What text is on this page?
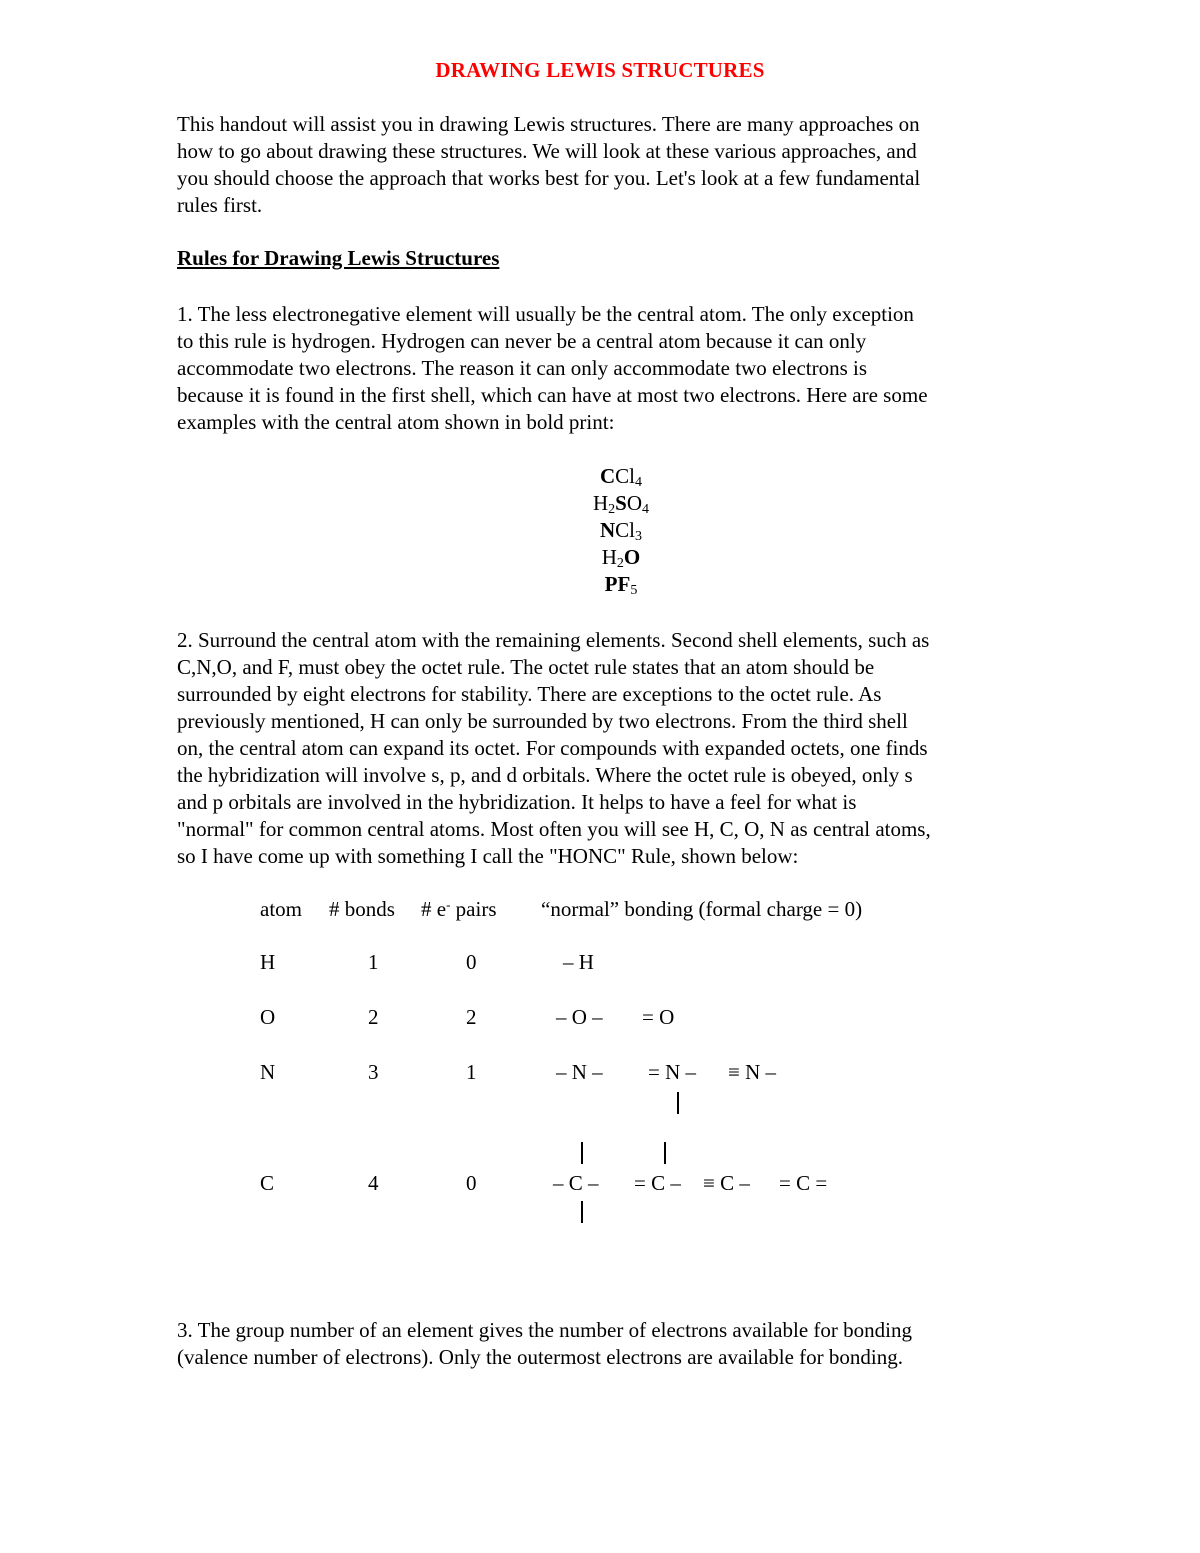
DRAWING LEWIS STRUCTURES
This handout will assist you in drawing Lewis structures. There are many approaches on
how to go about drawing these structures. We will look at these various approaches, and
you should choose the approach that works best for you. Let's look at a few fundamental
rules first.
Rules for Drawing Lewis Structures
1. The less electronegative element will usually be the central atom. The only exception
to this rule is hydrogen. Hydrogen can never be a central atom because it can only
accommodate two electrons. The reason it can only accommodate two electrons is
because it is found in the first shell, which can have at most two electrons. Here are some
examples with the central atom shown in bold print:
CCl$_4$
$H_2SO_4$
NCl$_3$
$H_2O$
$PF_5$
2. Surround the central atom with the remaining elements. Second shell elements, such as
C,N,O, and F, must obey the octet rule. The octet rule states that an atom should be
surrounded by eight electrons for stability. There are exceptions to the octet rule. As
previously mentioned, H can only be surrounded by two electrons. From the third shell
on, the central atom can expand its octet. For compounds with expanded octets, one finds
the hybridization will involve s, p, and d orbitals. Where the octet rule is obeyed, only s
and p orbitals are involved in the hybridization. It helps to have a feel for what is
"normal" for common central atoms. Most often you will see H, C, O, N as central atoms,
so I have come up with something I call the "HONC" Rule, shown below:
atom # bonds # e- pairs “normal” bonding (formal charge = 0)
H	1	0	– H
O	2	2	– O – = O
N	3	1	– N – = N – ≡ N –
C	4	0	– C – = C – ≡ C – = C =
3. The group number of an element gives the number of electrons available for bonding
(valence number of electrons). Only the outermost electrons are available for bonding.
